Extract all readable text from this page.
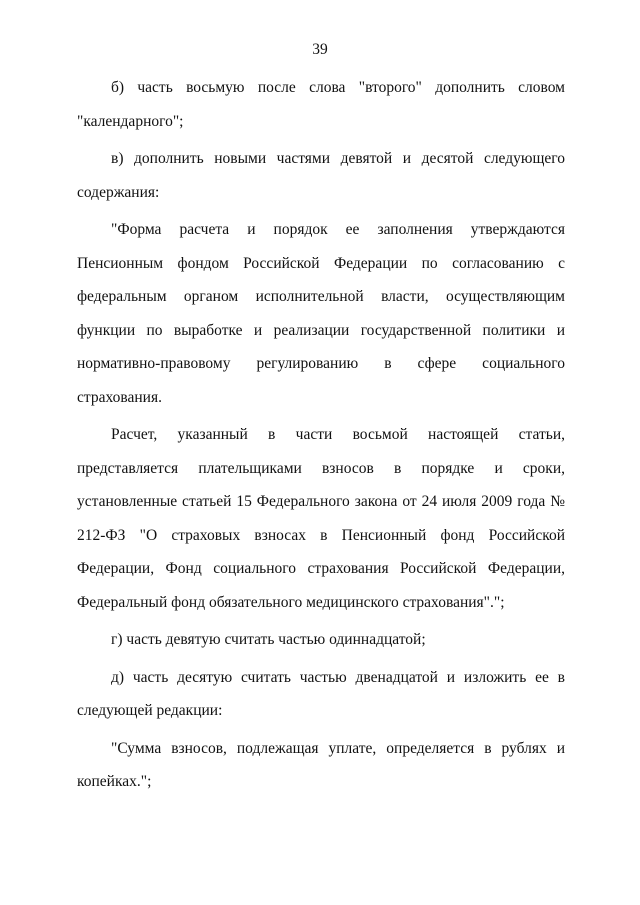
39

б) часть восьмую после слова "второго" дополнить словом "календарного";

в) дополнить новыми частями девятой и десятой следующего содержания:

"Форма расчета и порядок ее заполнения утверждаются Пенсионным фондом Российской Федерации по согласованию с федеральным органом исполнительной власти, осуществляющим функции по выработке и реализации государственной политики и нормативно-правовому регулированию в сфере социального страхования.

Расчет, указанный в части восьмой настоящей статьи, представляется плательщиками взносов в порядке и сроки, установленные статьей 15 Федерального закона от 24 июля 2009 года № 212-ФЗ "О страховых взносах в Пенсионный фонд Российской Федерации, Фонд социального страхования Российской Федерации, Федеральный фонд обязательного медицинского страхования".";

г) часть девятую считать частью одиннадцатой;

д) часть десятую считать частью двенадцатой и изложить ее в следующей редакции:

"Сумма взносов, подлежащая уплате, определяется в рублях и копейках.";
